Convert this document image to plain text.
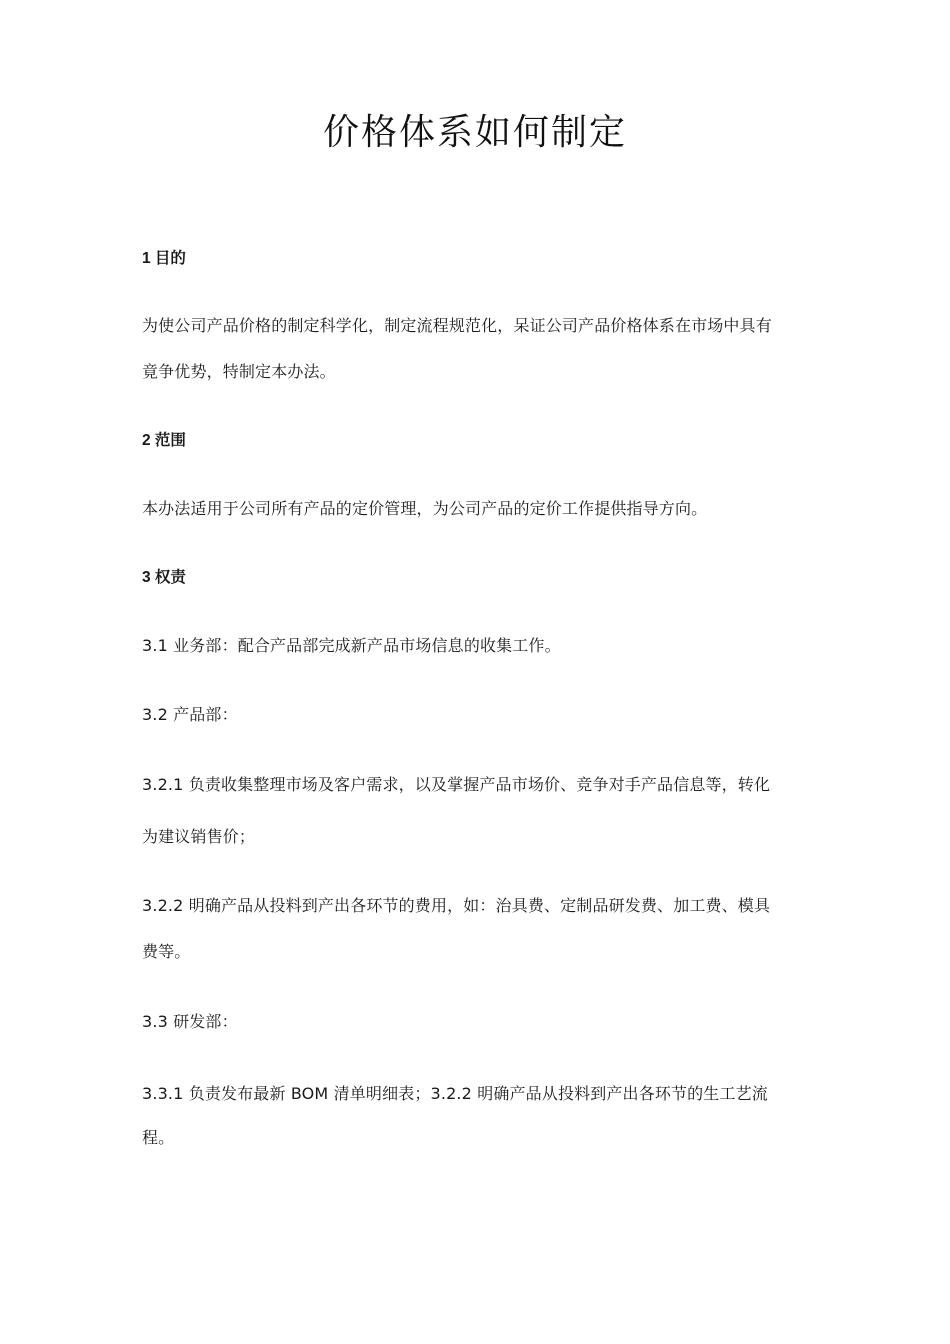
价格体系如何制定
1 目的
为使公司产品价格的制定科学化，制定流程规范化，呆证公司产品价格体系在市场中具有
竟争优势，特制定本办法。
2 范围
本办法适用于公司所有产品的定价管理，为公司产品的定价工作提供指导方向。
3 权责
3.1 业务部：配合产品部完成新产品市场信息的收集工作。
3.2 产品部：
3.2.1 负责收集整理市场及客户需求，以及掌握产品市场价、竞争对手产品信息等，转化
为建议销售价；
3.2.2 明确产品从投料到产出各环节的费用，如：治具费、定制品研发费、加工费、模具
费等。
3.3 研发部：
3.3.1 负责发布最新 BOM 清单明细表；3.2.2 明确产品从投料到产出各环节的生工艺流
程。
